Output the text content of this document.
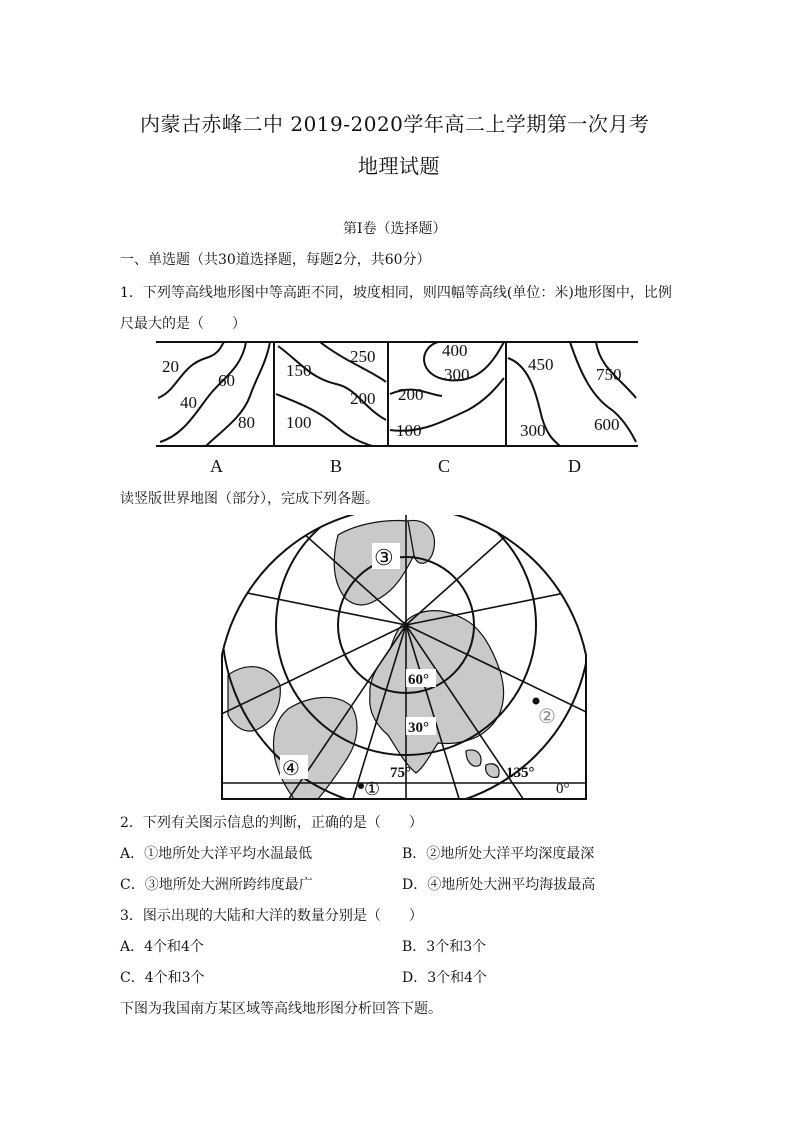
内蒙古赤峰二中 2019-2020学年高二上学期第一次月考
地理试题
第Ⅰ卷（选择题）
一、单选题（共30道选择题，每题2分，共60分）
1．下列等高线地形图中等高距不同，坡度相同，则四幅等高线(单位：米)地形图中，比例
尺最大的是（　　）
20
60
40
80
250
150
200
100
400
300
200
100
450
750
300	600
A	B	C	D
读竖版世界地图（部分），完成下列各题。
③
②
④
①
60°
30°
75°	135°
0°
2．下列有关图示信息的判断，正确的是（　　）
A．①地所处大洋平均水温最低	B．②地所处大洋平均深度最深
C．③地所处大洲所跨纬度最广	D．④地所处大洲平均海拔最高
3．图示出现的大陆和大洋的数量分别是（　　）
A．4个和4个	B．3个和3个
C．4个和3个	D．3个和4个
下图为我国南方某区域等高线地形图分析回答下题。
